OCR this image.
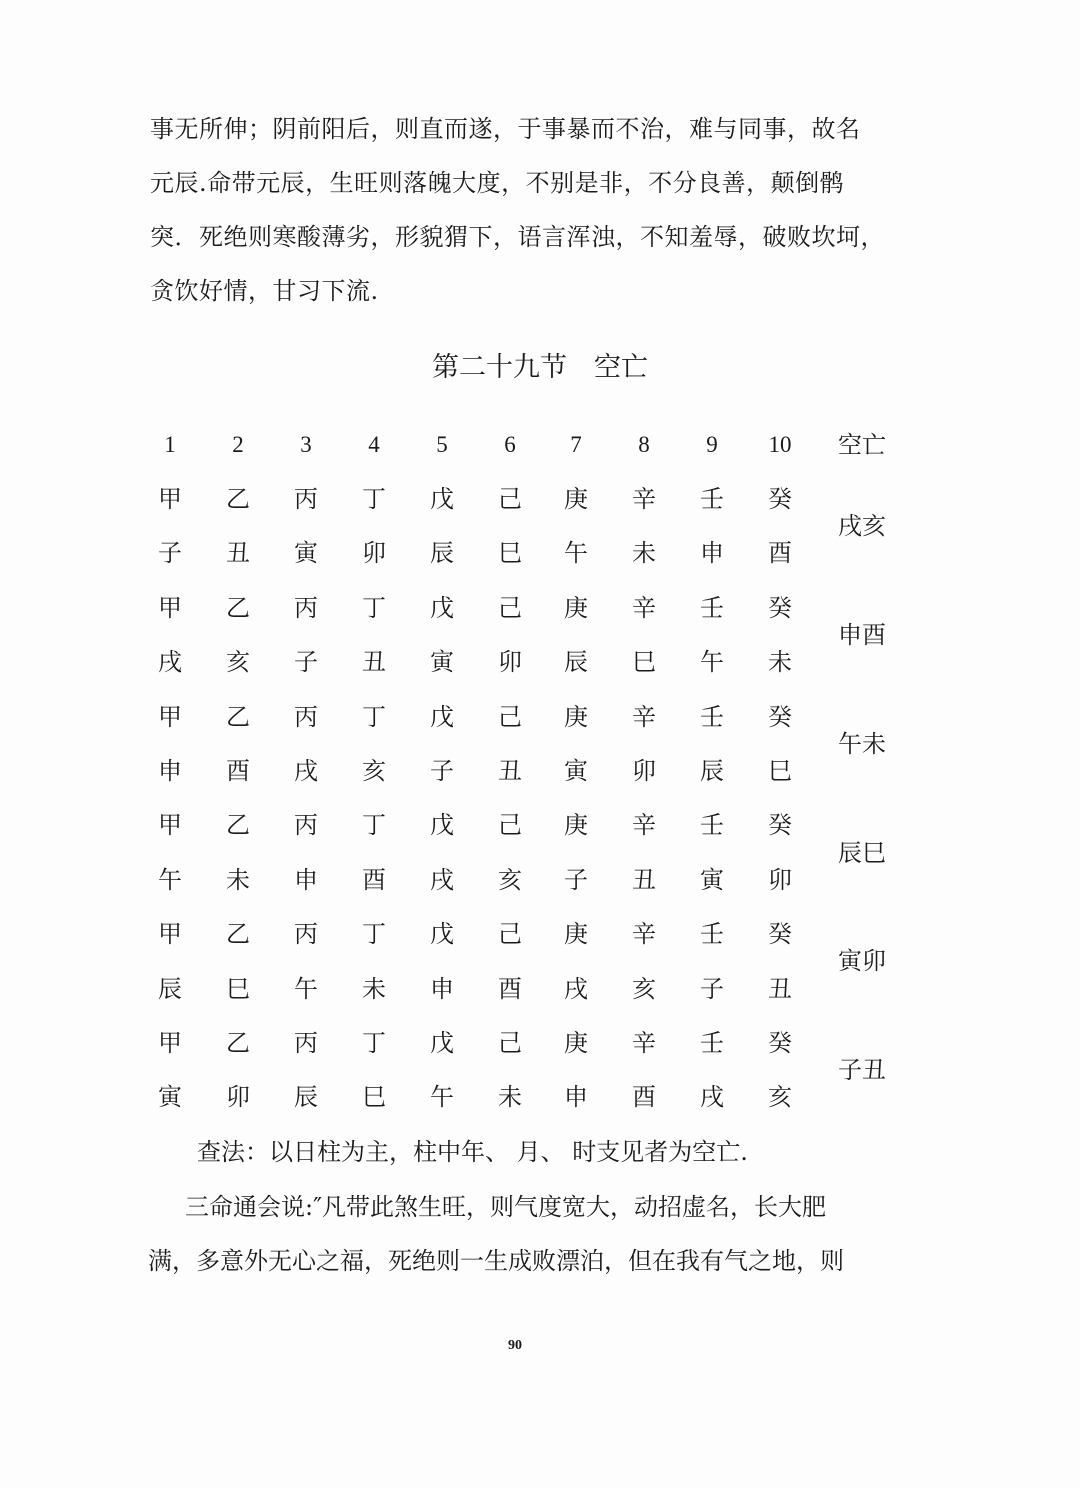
事无所伸；阴前阳后，则直而遂，于事暴而不治，难与同事，故名
元辰.命带元辰，生旺则落魄大度，不别是非，不分良善，颠倒鹘
突．死绝则寒酸薄劣，形貌猬下，语言浑浊，不知羞辱，破败坎坷，
贪饮好情，甘习下流.
第二十九节　空亡
1	2	3	4	5	6	7	8	9	10	空亡
甲	乙	丙	丁	戊	己	庚	辛	壬	癸
子	丑	寅	卯	辰	巳	午	未	申	酉
戌亥
甲	乙	丙	丁	戊	己	庚	辛	壬	癸
戌	亥	子	丑	寅	卯	辰	巳	午	未
申酉
甲	乙	丙	丁	戊	己	庚	辛	壬	癸
申	酉	戌	亥	子	丑	寅	卯	辰	巳
午未
甲	乙	丙	丁	戊	己	庚	辛	壬	癸
午	未	申	酉	戌	亥	子	丑	寅	卯
辰巳
甲	乙	丙	丁	戊	己	庚	辛	壬	癸
辰	巳	午	未	申	酉	戌	亥	子	丑
寅卯
甲	乙	丙	丁	戊	己	庚	辛	壬	癸
寅	卯	辰	巳	午	未	申	酉	戌	亥
子丑
查法：以日柱为主，柱中年、 月、 时支见者为空亡.
三命通会说:″凡带此煞生旺，则气度宽大，动招虚名，长大肥
满，多意外无心之福，死绝则一生成败漂泊，但在我有气之地，则
90
